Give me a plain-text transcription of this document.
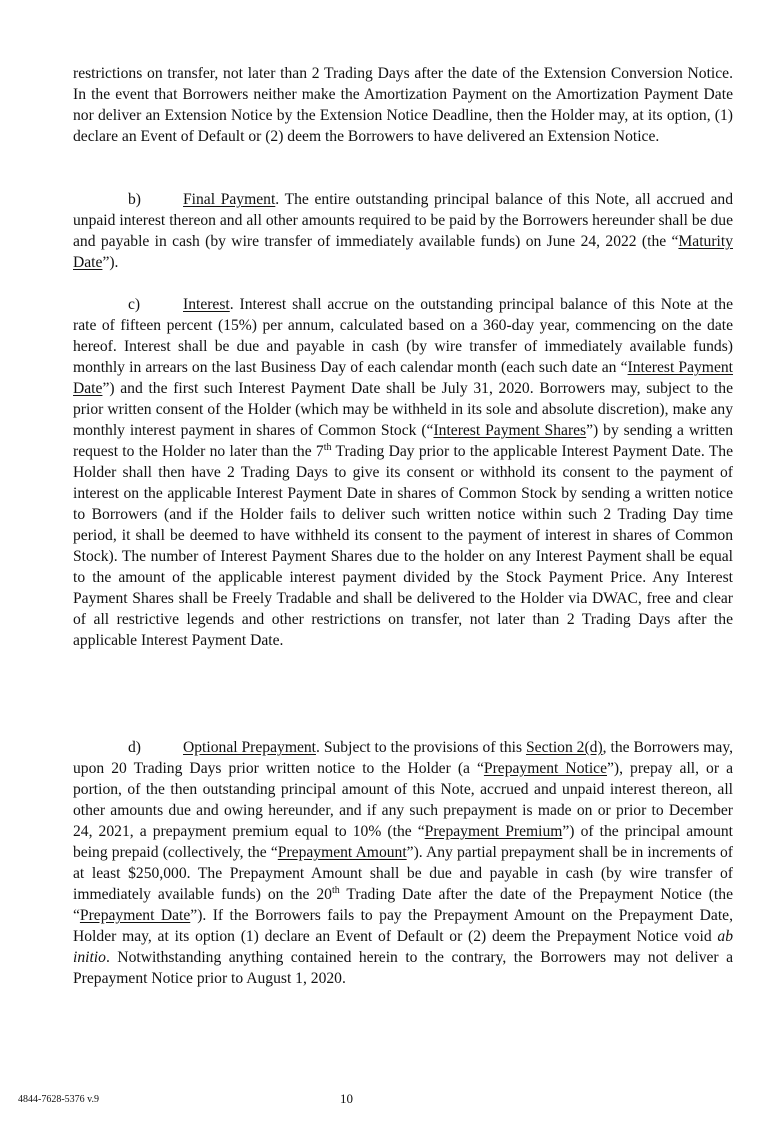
restrictions on transfer, not later than 2 Trading Days after the date of the Extension Conversion Notice. In the event that Borrowers neither make the Amortization Payment on the Amortization Payment Date nor deliver an Extension Notice by the Extension Notice Deadline, then the Holder may, at its option, (1) declare an Event of Default or (2) deem the Borrowers to have delivered an Extension Notice.

b)	Final Payment. The entire outstanding principal balance of this Note, all accrued and unpaid interest thereon and all other amounts required to be paid by the Borrowers hereunder shall be due and payable in cash (by wire transfer of immediately available funds) on June 24, 2022 (the “Maturity Date”).

c)	Interest. Interest shall accrue on the outstanding principal balance of this Note at the rate of fifteen percent (15%) per annum, calculated based on a 360-day year, commencing on the date hereof. Interest shall be due and payable in cash (by wire transfer of immediately available funds) monthly in arrears on the last Business Day of each calendar month (each such date an “Interest Payment Date”) and the first such Interest Payment Date shall be July 31, 2020. Borrowers may, subject to the prior written consent of the Holder (which may be withheld in its sole and absolute discretion), make any monthly interest payment in shares of Common Stock (“Interest Payment Shares”) by sending a written request to the Holder no later than the 7th Trading Day prior to the applicable Interest Payment Date. The Holder shall then have 2 Trading Days to give its consent or withhold its consent to the payment of interest on the applicable Interest Payment Date in shares of Common Stock by sending a written notice to Borrowers (and if the Holder fails to deliver such written notice within such 2 Trading Day time period, it shall be deemed to have withheld its consent to the payment of interest in shares of Common Stock). The number of Interest Payment Shares due to the holder on any Interest Payment shall be equal to the amount of the applicable interest payment divided by the Stock Payment Price. Any Interest Payment Shares shall be Freely Tradable and shall be delivered to the Holder via DWAC, free and clear of all restrictive legends and other restrictions on transfer, not later than 2 Trading Days after the applicable Interest Payment Date.

d)	Optional Prepayment. Subject to the provisions of this Section 2(d), the Borrowers may, upon 20 Trading Days prior written notice to the Holder (a “Prepayment Notice”), prepay all, or a portion, of the then outstanding principal amount of this Note, accrued and unpaid interest thereon, all other amounts due and owing hereunder, and if any such prepayment is made on or prior to December 24, 2021, a prepayment premium equal to 10% (the “Prepayment Premium”) of the principal amount being prepaid (collectively, the “Prepayment Amount”). Any partial prepayment shall be in increments of at least $250,000. The Prepayment Amount shall be due and payable in cash (by wire transfer of immediately available funds) on the 20th Trading Date after the date of the Prepayment Notice (the “Prepayment Date”). If the Borrowers fails to pay the Prepayment Amount on the Prepayment Date, Holder may, at its option (1) declare an Event of Default or (2) deem the Prepayment Notice void ab initio. Notwithstanding anything contained herein to the contrary, the Borrowers may not deliver a Prepayment Notice prior to August 1, 2020.

4844-7628-5376 v.9	10
